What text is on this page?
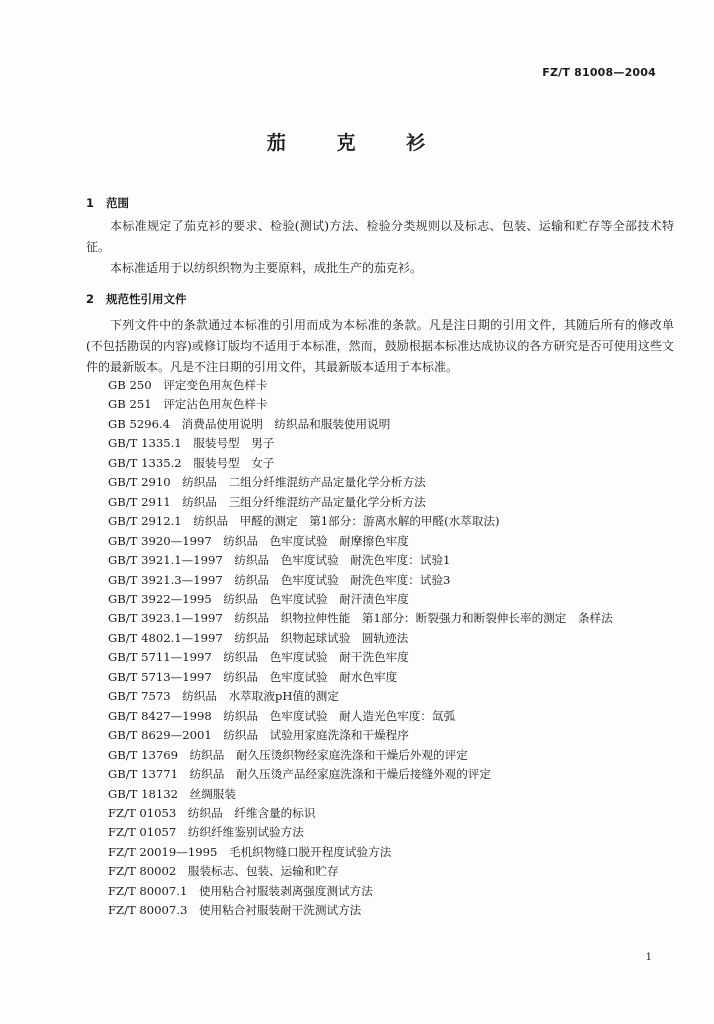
FZ/T 81008—2004
茄 克 衫
1 范围

本标准规定了茄克衫的要求、检验(测试)方法、检验分类规则以及标志、包装、运输和贮存等全部技术特征。

本标准适用于以纺织织物为主要原料，成批生产的茄克衫。

2 规范性引用文件

下列文件中的条款通过本标准的引用而成为本标准的条款。凡是注日期的引用文件，其随后所有的修改单(不包括勘误的内容)或修订版均不适用于本标准，然而，鼓励根据本标准达成协议的各方研究是否可使用这些文件的最新版本。凡是不注日期的引用文件，其最新版本适用于本标准。

GB 250　评定变色用灰色样卡
GB 251　评定沾色用灰色样卡
GB 5296.4　消费品使用说明　纺织品和服装使用说明
GB/T 1335.1　服装号型　男子
GB/T 1335.2　服装号型　女子
GB/T 2910　纺织品　二组分纤维混纺产品定量化学分析方法
GB/T 2911　纺织品　三组分纤维混纺产品定量化学分析方法
GB/T 2912.1　纺织品　甲醛的测定　第1部分：游离水解的甲醛(水萃取法)
GB/T 3920—1997　纺织品　色牢度试验　耐摩擦色牢度
GB/T 3921.1—1997　纺织品　色牢度试验　耐洗色牢度：试验1
GB/T 3921.3—1997　纺织品　色牢度试验　耐洗色牢度：试验3
GB/T 3922—1995　纺织品　色牢度试验　耐汗渍色牢度
GB/T 3923.1—1997　纺织品　织物拉伸性能　第1部分：断裂强力和断裂伸长率的测定　条样法
GB/T 4802.1—1997　纺织品　织物起球试验　圆轨迹法
GB/T 5711—1997　纺织品　色牢度试验　耐干洗色牢度
GB/T 5713—1997　纺织品　色牢度试验　耐水色牢度
GB/T 7573　纺织品　水萃取液pH值的测定
GB/T 8427—1998　纺织品　色牢度试验　耐人造光色牢度：氙弧
GB/T 8629—2001　纺织品　试验用家庭洗涤和干燥程序
GB/T 13769　纺织品　耐久压烫织物经家庭洗涤和干燥后外观的评定
GB/T 13771　纺织品　耐久压烫产品经家庭洗涤和干燥后接缝外观的评定
GB/T 18132　丝绸服装
FZ/T 01053　纺织品　纤维含量的标识
FZ/T 01057　纺织纤维鉴别试验方法
FZ/T 20019—1995　毛机织物缝口脱开程度试验方法
FZ/T 80002　服装标志、包装、运输和贮存
FZ/T 80007.1　使用粘合衬服装剥离强度测试方法
FZ/T 80007.3　使用粘合衬服装耐干洗测试方法
1
